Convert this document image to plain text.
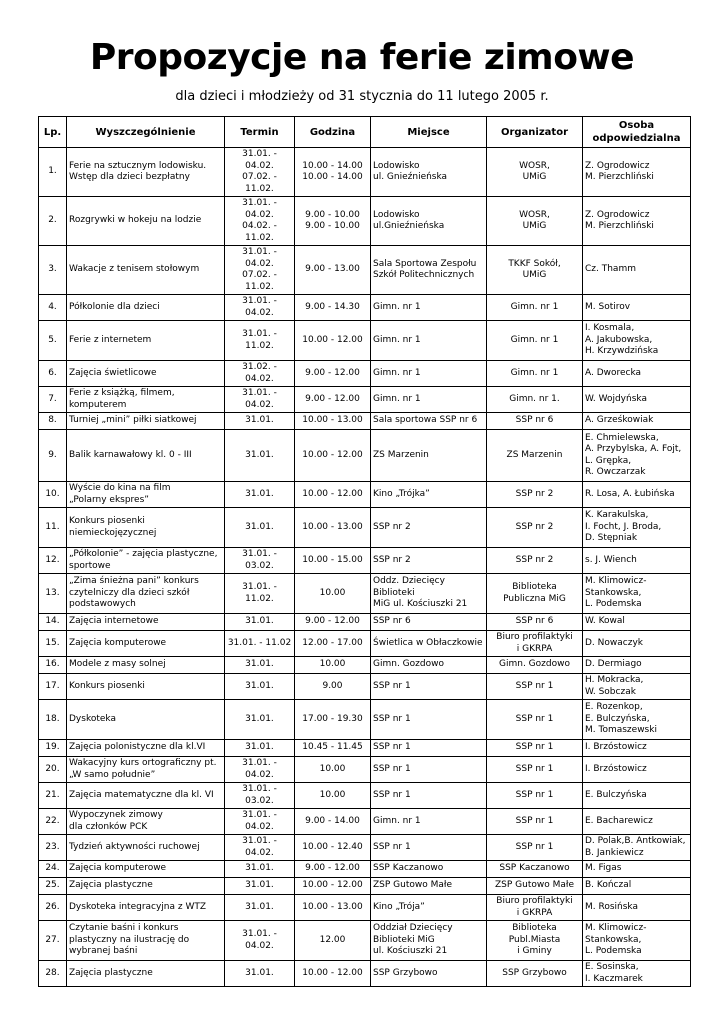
Propozycje na ferie zimowe

dla dzieci i młodzieży od 31 stycznia do 11 lutego 2005 r.

Lp.	Wyszczególnienie	Termin	Godzina	Miejsce	Organizator	Osoba
odpowiedzialna
1.	Ferie na sztucznym lodowisku.
Wstęp dla dzieci bezpłatny	31.01. - 04.02.
07.02. - 11.02.	10.00 - 14.00
10.00 - 14.00	Lodowisko
ul. Gnieźnieńska	WOSR,
UMiG	Z. Ogrodowicz
M. Pierzchliński
2.	Rozgrywki w hokeju na lodzie	31.01. - 04.02.
04.02. - 11.02.	9.00 - 10.00
9.00 - 10.00	Lodowisko
ul.Gnieźnieńska	WOSR,
UMiG	Z. Ogrodowicz
M. Pierzchliński
3.	Wakacje z tenisem stołowym	31.01. - 04.02.
07.02. - 11.02.	9.00 - 13.00	Sala Sportowa Zespołu
Szkół Politechnicznych	TKKF Sokół,
UMiG	Cz. Thamm
4.	Półkolonie dla dzieci	31.01. - 04.02.	9.00 - 14.30	Gimn. nr 1	Gimn. nr 1	M. Sotirov
5.	Ferie z internetem	31.01. - 11.02.	10.00 - 12.00	Gimn. nr 1	Gimn. nr 1	I. Kosmala,
A. Jakubowska,
H. Krzywdzińska
6.	Zajęcia świetlicowe	31.02. - 04.02.	9.00 - 12.00	Gimn. nr 1	Gimn. nr 1	A. Dworecka
7.	Ferie z książką, filmem,
komputerem	31.01. - 04.02.	9.00 - 12.00	Gimn. nr 1	Gimn. nr 1.	W. Wojdyńska
8.	Turniej „mini” piłki siatkowej	31.01.	10.00 - 13.00	Sala sportowa SSP nr 6	SSP nr 6	A. Grześkowiak
9.	Balik karnawałowy kl. 0 - III	31.01.	10.00 - 12.00	ZS Marzenin	ZS Marzenin	E. Chmielewska,
A. Przybylska, A. Fojt,
L. Grępka,
R. Owczarzak
10.	Wyście do kina na film
„Polarny ekspres”	31.01.	10.00 - 12.00	Kino „Trójka”	SSP nr 2	R. Losa, A. Łubińska
11.	Konkurs piosenki
niemieckojęzycznej	31.01.	10.00 - 13.00	SSP nr 2	SSP nr 2	K. Karakulska,
I. Focht, J. Broda,
D. Stępniak
12.	„Półkolonie” - zajęcia plastyczne,
sportowe	31.01. - 03.02.	10.00 - 15.00	SSP nr 2	SSP nr 2	s. J. Wiench
13.	„Zima śnieżna pani” konkurs
czytelniczy dla dzieci szkół
podstawowych	31.01. - 11.02.	10.00	Oddz. Dziecięcy Biblioteki
MiG ul. Kościuszki 21	Biblioteka
Publiczna MiG	M. Klimowicz-
Stankowska,
L. Podemska
14.	Zajęcia internetowe	31.01.	9.00 - 12.00	SSP nr 6	SSP nr 6	W. Kowal
15.	Zajęcia komputerowe	31.01. - 11.02	12.00 - 17.00	Świetlica w Obłaczkowie	Biuro profilaktyki
i GKRPA	D. Nowaczyk
16.	Modele z masy solnej	31.01.	10.00	Gimn. Gozdowo	Gimn. Gozdowo	D. Dermiago
17.	Konkurs piosenki	31.01.	9.00	SSP nr 1	SSP nr 1	H. Mokracka,
W. Sobczak
18.	Dyskoteka	31.01.	17.00 - 19.30	SSP nr 1	SSP nr 1	E. Rozenkop,
E. Bulczyńska,
M. Tomaszewski
19.	Zajęcia polonistyczne dla kl.VI	31.01.	10.45 - 11.45	SSP nr 1	SSP nr 1	I. Brzóstowicz
20.	Wakacyjny kurs ortograficzny pt.
„W samo południe”	31.01. - 04.02.	10.00	SSP nr 1	SSP nr 1	I. Brzóstowicz
21.	Zajęcia matematyczne dla kl. VI	31.01. - 03.02.	10.00	SSP nr 1	SSP nr 1	E. Bulczyńska
22.	Wypoczynek zimowy
dla członków PCK	31.01. - 04.02.	9.00 - 14.00	Gimn. nr 1	SSP nr 1	E. Bacharewicz
23.	Tydzień aktywności ruchowej	31.01. - 04.02.	10.00 - 12.40	SSP nr 1	SSP nr 1	D. Polak,B. Antkowiak,
B. Jankiewicz
24.	Zajęcia komputerowe	31.01.	9.00 - 12.00	SSP Kaczanowo	SSP Kaczanowo	M. Figas
25.	Zajęcia plastyczne	31.01.	10.00 - 12.00	ZSP Gutowo Małe	ZSP Gutowo Małe	B. Kończal
26.	Dyskoteka integracyjna z WTZ	31.01.	10.00 - 13.00	Kino „Trója”	Biuro profilaktyki
i GKRPA	M. Rosińska
27.	Czytanie baśni i konkurs
plastyczny na ilustrację do
wybranej baśni	31.01. - 04.02.	12.00	Oddział Dziecięcy
Biblioteki MiG
ul. Kościuszki 21	Biblioteka
Publ.Miasta
i Gminy	M. Klimowicz-
Stankowska,
L. Podemska
28.	Zajęcia plastyczne	31.01.	10.00 - 12.00	SSP Grzybowo	SSP Grzybowo	E. Sosinska,
I. Kaczmarek
